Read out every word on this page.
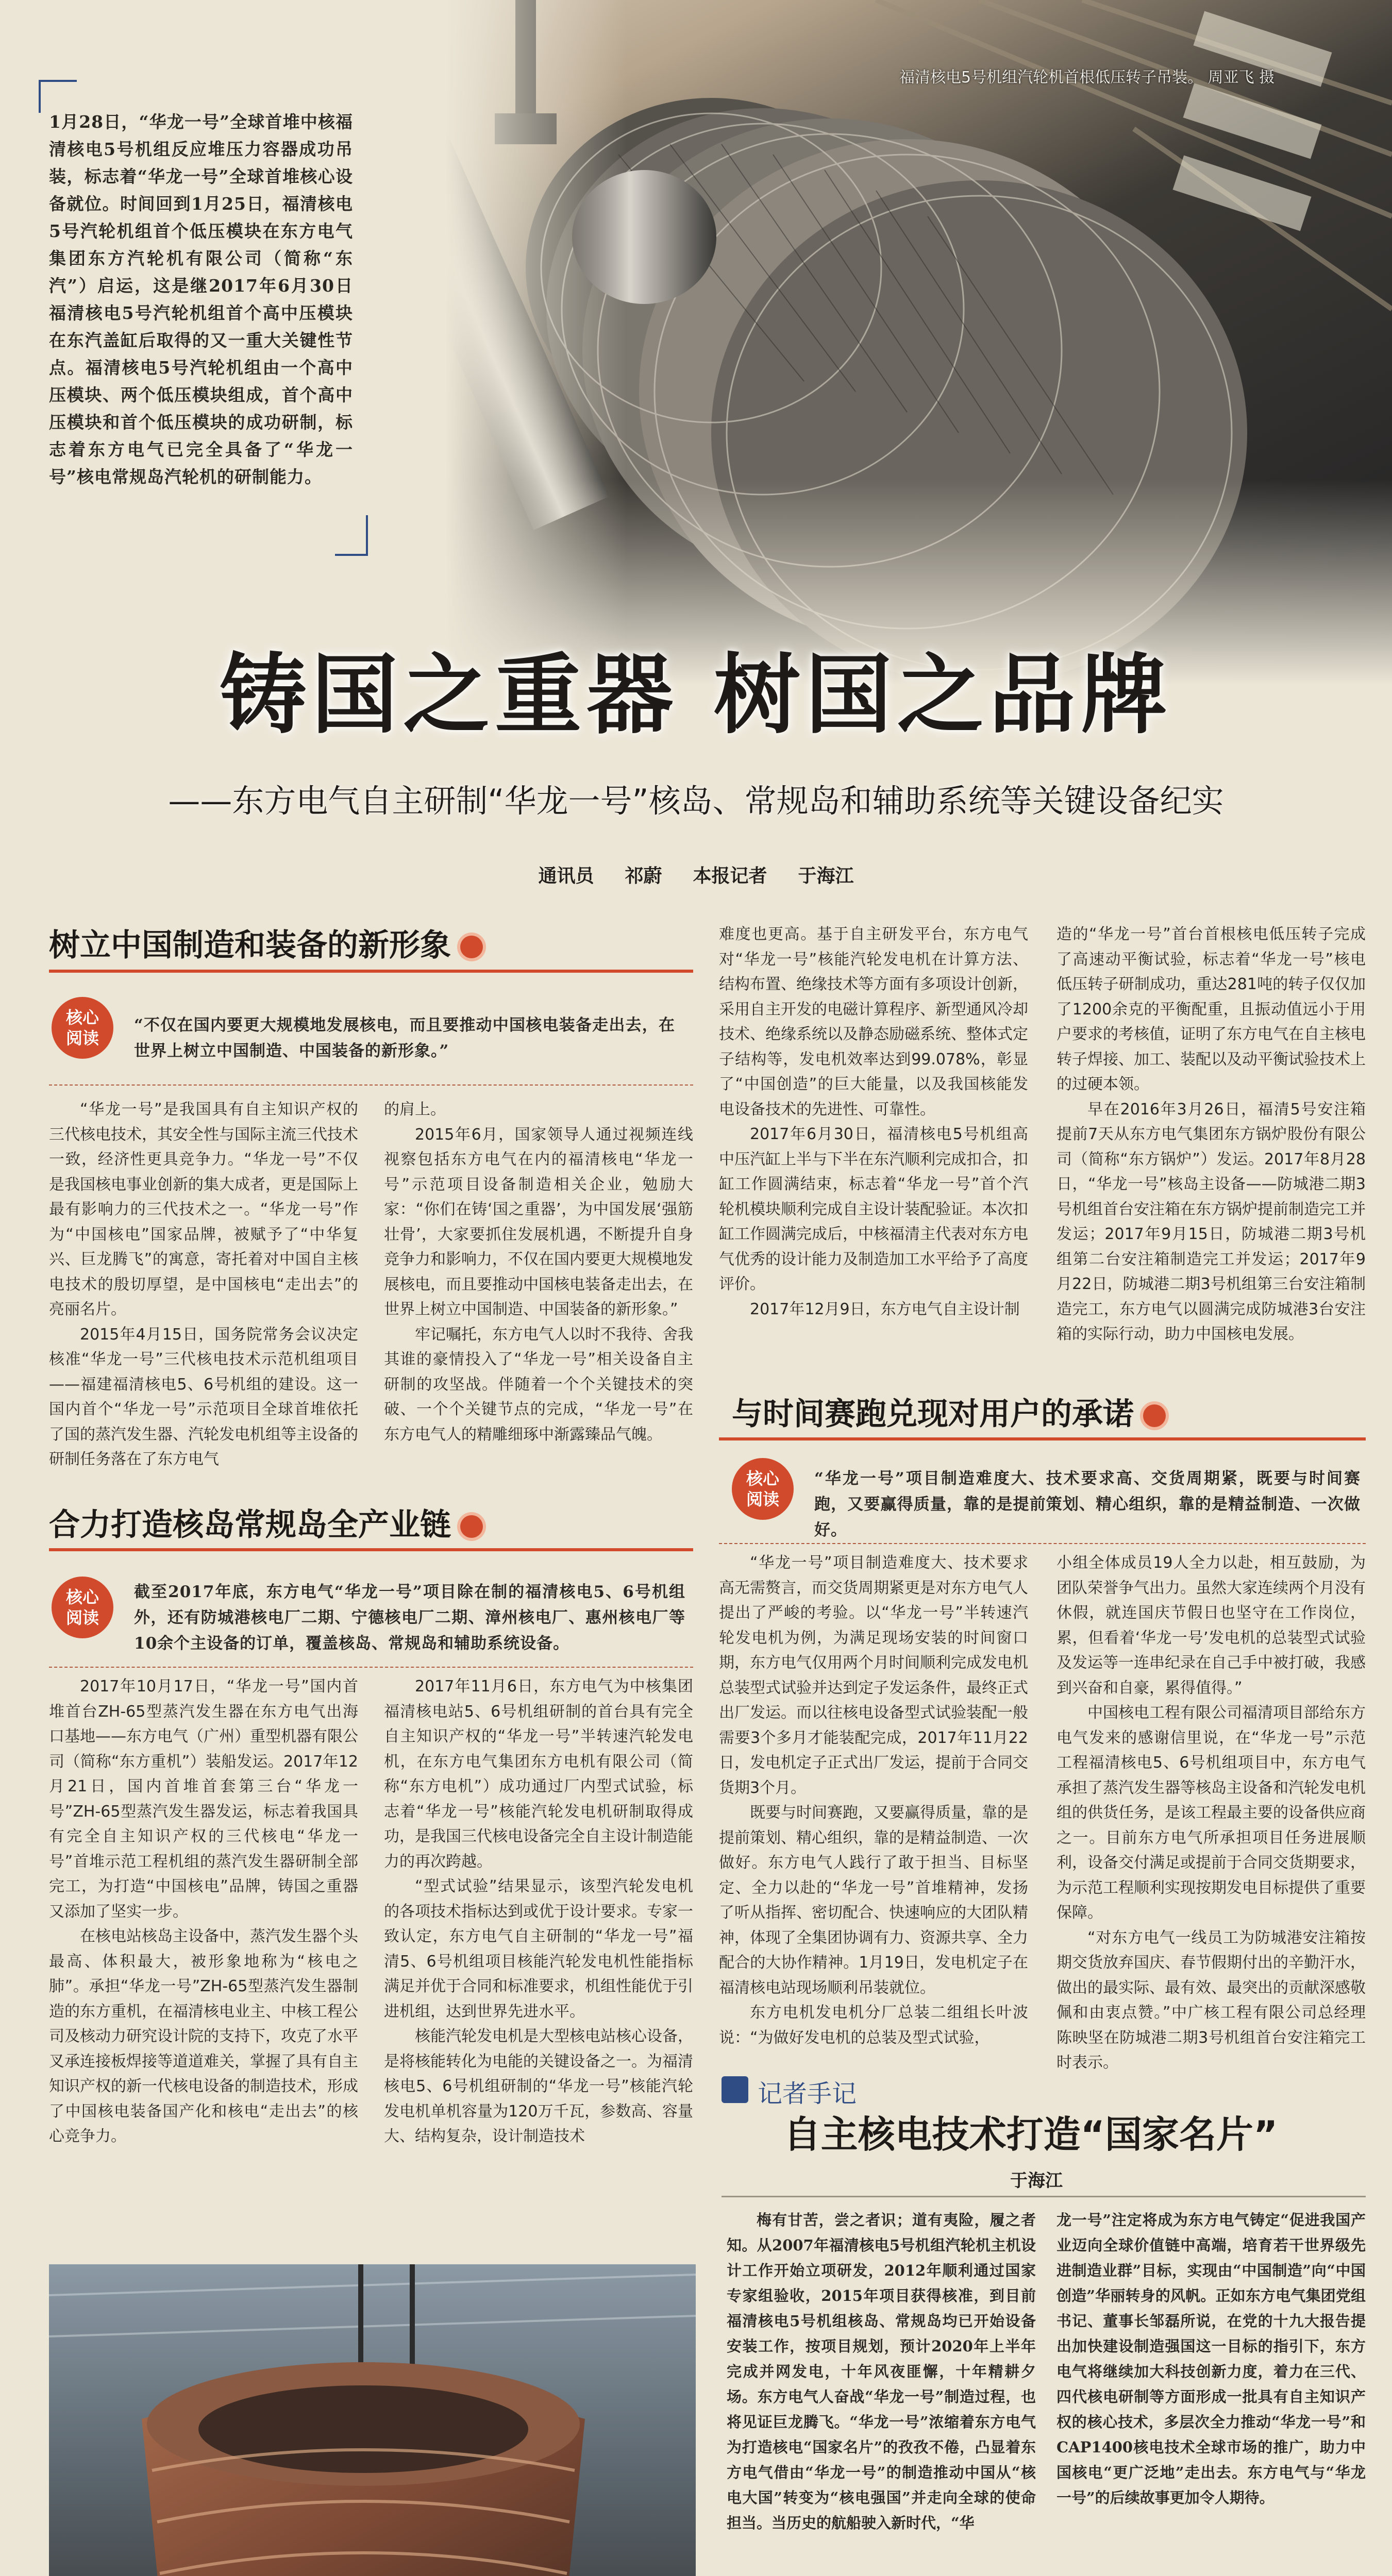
福清核电5号机组汽轮机首根低压转子吊装。 周亚飞 摄
1月28日，“华龙一号”全球首堆中核福清核电5号机组反应堆压力容器成功吊装，标志着“华龙一号”全球首堆核心设备就位。时间回到1月25日，福清核电5号汽轮机组首个低压模块在东方电气集团东方汽轮机有限公司（简称“东汽”）启运，这是继2017年6月30日福清核电5号汽轮机组首个高中压模块在东汽盖缸后取得的又一重大关键性节点。福清核电5号汽轮机组由一个高中压模块、两个低压模块组成，首个高中压模块和首个低压模块的成功研制，标志着东方电气已完全具备了“华龙一号”核电常规岛汽轮机的研制能力。
铸国之重器 树国之品牌
——东方电气自主研制“华龙一号”核岛、常规岛和辅助系统等关键设备纪实
通讯员 祁蔚 本报记者 于海江
树立中国制造和装备的新形象
核心
阅读
“不仅在国内要更大规模地发展核电，而且要推动中国核电装备走出去，在世界上树立中国制造、中国装备的新形象。”

“华龙一号”是我国具有自主知识产权的三代核电技术，其安全性与国际主流三代技术一致，经济性更具竞争力。“华龙一号”不仅是我国核电事业创新的集大成者，更是国际上最有影响力的三代技术之一。“华龙一号”作为“中国核电”国家品牌，被赋予了“中华复兴、巨龙腾飞”的寓意，寄托着对中国自主核电技术的殷切厚望，是中国核电“走出去”的亮丽名片。

2015年4月15日，国务院常务会议决定核准“华龙一号”三代核电技术示范机组项目——福建福清核电5、6号机组的建设。这一国内首个“华龙一号”示范项目全球首堆依托了国的蒸汽发生器、汽轮发电机组等主设备的研制任务落在了东方电气

的肩上。

2015年6月，国家领导人通过视频连线视察包括东方电气在内的福清核电“华龙一号”示范项目设备制造相关企业，勉励大家：“你们在铸‘国之重器’，为中国发展‘强筋壮骨’，大家要抓住发展机遇，不断提升自身竞争力和影响力，不仅在国内要更大规模地发展核电，而且要推动中国核电装备走出去，在世界上树立中国制造、中国装备的新形象。”

牢记嘱托，东方电气人以时不我待、舍我其谁的豪情投入了“华龙一号”相关设备自主研制的攻坚战。伴随着一个个关键技术的突破、一个个关键节点的完成，“华龙一号”在东方电气人的精雕细琢中渐露臻品气魄。

难度也更高。基于自主研发平台，东方电气对“华龙一号”核能汽轮发电机在计算方法、结构布置、绝缘技术等方面有多项设计创新，采用自主开发的电磁计算程序、新型通风冷却技术、绝缘系统以及静态励磁系统、整体式定子结构等，发电机效率达到99.078%，彰显了“中国创造”的巨大能量，以及我国核能发电设备技术的先进性、可靠性。

2017年6月30日，福清核电5号机组高中压汽缸上半与下半在东汽顺利完成扣合，扣缸工作圆满结束，标志着“华龙一号”首个汽轮机模块顺利完成自主设计装配验证。本次扣缸工作圆满完成后，中核福清主代表对东方电气优秀的设计能力及制造加工水平给予了高度评价。

2017年12月9日，东方电气自主设计制

造的“华龙一号”首台首根核电低压转子完成了高速动平衡试验，标志着“华龙一号”核电低压转子研制成功，重达281吨的转子仅仅加了1200余克的平衡配重，且振动值远小于用户要求的考核值，证明了东方电气在自主核电转子焊接、加工、装配以及动平衡试验技术上的过硬本领。

早在2016年3月26日，福清5号安注箱提前7天从东方电气集团东方锅炉股份有限公司（简称“东方锅炉”）发运。2017年8月28日，“华龙一号”核岛主设备——防城港二期3号机组首台安注箱在东方锅炉提前制造完工并发运；2017年9月15日，防城港二期3号机组第二台安注箱制造完工并发运；2017年9月22日，防城港二期3号机组第三台安注箱制造完工，东方电气以圆满完成防城港3台安注箱的实际行动，助力中国核电发展。

与时间赛跑兑现对用户的承诺
核心
阅读
“华龙一号”项目制造难度大、技术要求高、交货周期紧，既要与时间赛跑，又要赢得质量，靠的是提前策划、精心组织，靠的是精益制造、一次做好。

“华龙一号”项目制造难度大、技术要求高无需赘言，而交货周期紧更是对东方电气人提出了严峻的考验。以“华龙一号”半转速汽轮发电机为例，为满足现场安装的时间窗口期，东方电气仅用两个月时间顺利完成发电机总装型式试验并达到定子发运条件，最终正式出厂发运。而以往核电设备型式试验装配一般需要3个多月才能装配完成，2017年11月22日，发电机定子正式出厂发运，提前于合同交货期3个月。

既要与时间赛跑，又要赢得质量，靠的是提前策划、精心组织，靠的是精益制造、一次做好。东方电气人践行了敢于担当、目标坚定、全力以赴的“华龙一号”首堆精神，发扬了听从指挥、密切配合、快速响应的大团队精神，体现了全集团协调有力、资源共享、全力配合的大协作精神。1月19日，发电机定子在福清核电站现场顺利吊装就位。

东方电机发电机分厂总装二组组长叶波说：“为做好发电机的总装及型式试验，

小组全体成员19人全力以赴，相互鼓励，为团队荣誉争气出力。虽然大家连续两个月没有休假，就连国庆节假日也坚守在工作岗位，累，但看着‘华龙一号’发电机的总装型式试验及发运等一连串纪录在自己手中被打破，我感到兴奋和自豪，累得值得。”

中国核电工程有限公司福清项目部给东方电气发来的感谢信里说，在“华龙一号”示范工程福清核电5、6号机组项目中，东方电气承担了蒸汽发生器等核岛主设备和汽轮发电机组的供货任务，是该工程最主要的设备供应商之一。目前东方电气所承担项目任务进展顺利，设备交付满足或提前于合同交货期要求，为示范工程顺利实现按期发电目标提供了重要保障。

“对东方电气一线员工为防城港安注箱按期交货放弃国庆、春节假期付出的辛勤汗水，做出的最实际、最有效、最突出的贡献深感敬佩和由衷点赞。”中广核工程有限公司总经理陈映坚在防城港二期3号机组首台安注箱完工时表示。

合力打造核岛常规岛全产业链
核心
阅读
截至2017年底，东方电气“华龙一号”项目除在制的福清核电5、6号机组外，还有防城港核电厂二期、宁德核电厂二期、漳州核电厂、惠州核电厂等10余个主设备的订单，覆盖核岛、常规岛和辅助系统设备。

2017年10月17日，“华龙一号”国内首堆首台ZH-65型蒸汽发生器在东方电气出海口基地——东方电气（广州）重型机器有限公司（简称“东方重机”）装船发运。2017年12月21日，国内首堆首套第三台“华龙一号”ZH-65型蒸汽发生器发运，标志着我国具有完全自主知识产权的三代核电“华龙一号”首堆示范工程机组的蒸汽发生器研制全部完工，为打造“中国核电”品牌，铸国之重器又添加了坚实一步。

在核电站核岛主设备中，蒸汽发生器个头最高、体积最大，被形象地称为“核电之肺”。承担“华龙一号”ZH-65型蒸汽发生器制造的东方重机，在福清核电业主、中核工程公司及核动力研究设计院的支持下，攻克了水平叉承连接板焊接等道道难关，掌握了具有自主知识产权的新一代核电设备的制造技术，形成了中国核电装备国产化和核电“走出去”的核心竞争力。

2017年11月6日，东方电气为中核集团福清核电站5、6号机组研制的首台具有完全自主知识产权的“华龙一号”半转速汽轮发电机，在东方电气集团东方电机有限公司（简称“东方电机”）成功通过厂内型式试验，标志着“华龙一号”核能汽轮发电机研制取得成功，是我国三代核电设备完全自主设计制造能力的再次跨越。

“型式试验”结果显示，该型汽轮发电机的各项技术指标达到或优于设计要求。专家一致认定，东方电气自主研制的“华龙一号”福清5、6号机组项目核能汽轮发电机性能指标满足并优于合同和标准要求，机组性能优于引进机组，达到世界先进水平。

核能汽轮发电机是大型核电站核心设备，是将核能转化为电能的关键设备之一。为福清核电5、6号机组研制的“华龙一号”核能汽轮发电机单机容量为120万千瓦，参数高、容量大、结构复杂，设计制造技术

记者手记
自主核电技术打造“国家名片”
于海江

梅有甘苦，尝之者识；道有夷险，履之者知。从2007年福清核电5号机组汽轮机主机设计工作开始立项研发，2012年顺利通过国家专家组验收，2015年项目获得核准，到目前福清核电5号机组核岛、常规岛均已开始设备安装工作，按项目规划，预计2020年上半年完成并网发电，十年风夜匪懈，十年精耕夕场。东方电气人奋战“华龙一号”制造过程，也将见证巨龙腾飞。“华龙一号”浓缩着东方电气为打造核电“国家名片”的孜孜不倦，凸显着东方电气借由“华龙一号”的制造推动中国从“核电大国”转变为“核电强国”并走向全球的使命担当。当历史的航船驶入新时代，“华

龙一号”注定将成为东方电气铸定“促进我国产业迈向全球价值链中高端，培育若干世界级先进制造业群”目标，实现由“中国制造”向“中国创造”华丽转身的风帆。正如东方电气集团党组书记、董事长邹磊所说，在党的十九大报告提出加快建设制造强国这一目标的指引下，东方电气将继续加大科技创新力度，着力在三代、四代核电研制等方面形成一批具有自主知识产权的核心技术，多层次全力推动“华龙一号”和CAP1400核电技术全球市场的推广，助力中国核电“更广泛地”走出去。东方电气与“华龙一号”的后续故事更加令人期待。
